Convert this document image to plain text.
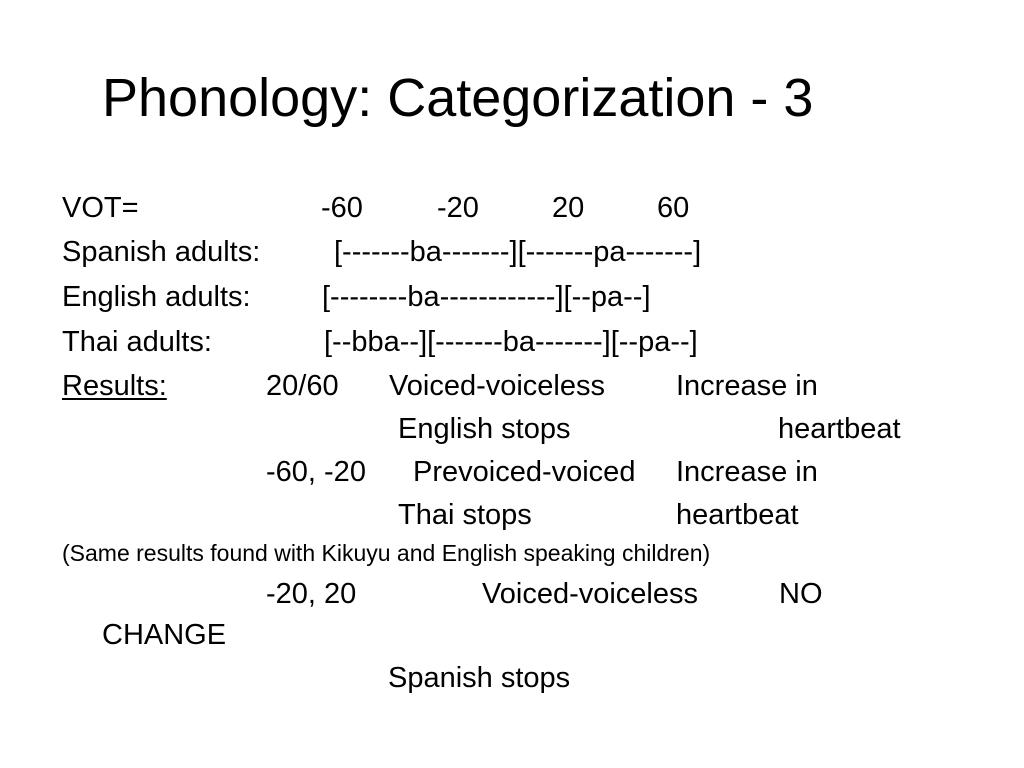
Phonology: Categorization - 3
VOT=	-60	-20	20	60
Spanish adults:	[-------ba-------][-------pa-------]
English adults: [--------ba------------][--pa--]
Thai adults:	[--bba--][-------ba-------][--pa--]
Results:	20/60 Voiced-voiceless Increase in
English stops	heartbeat
-60, -20 Prevoiced-voiced Increase in
Thai stops	heartbeat
(Same results found with Kikuyu and English speaking children)
-20, 20	Voiced-voiceless	NO
CHANGE
Spanish stops
